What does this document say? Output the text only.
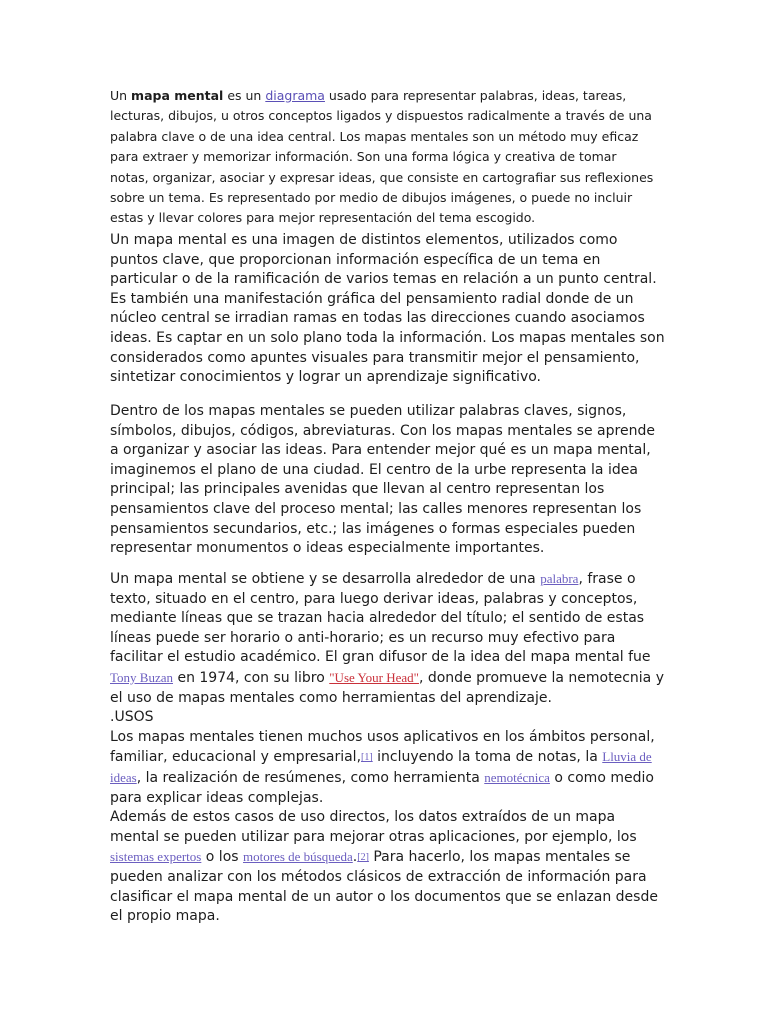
Un mapa mental es un diagrama usado para representar palabras, ideas, tareas, lecturas, dibujos, u otros conceptos ligados y dispuestos radicalmente a través de una palabra clave o de una idea central. Los mapas mentales son un método muy eficaz para extraer y memorizar información. Son una forma lógica y creativa de tomar notas, organizar, asociar y expresar ideas, que consiste en cartografiar sus reflexiones sobre un tema. Es representado por medio de dibujos imágenes, o puede no incluir estas y llevar colores para mejor representación del tema escogido.

Un mapa mental es una imagen de distintos elementos, utilizados como puntos clave, que proporcionan información específica de un tema en particular o de la ramificación de varios temas en relación a un punto central. Es también una manifestación gráfica del pensamiento radial donde de un núcleo central se irradian ramas en todas las direcciones cuando asociamos ideas. Es captar en un solo plano toda la información. Los mapas mentales son considerados como apuntes visuales para transmitir mejor el pensamiento, sintetizar conocimientos y lograr un aprendizaje significativo.

Dentro de los mapas mentales se pueden utilizar palabras claves, signos, símbolos, dibujos, códigos, abreviaturas. Con los mapas mentales se aprende a organizar y asociar las ideas. Para entender mejor qué es un mapa mental, imaginemos el plano de una ciudad. El centro de la urbe representa la idea principal; las principales avenidas que llevan al centro representan los pensamientos clave del proceso mental; las calles menores representan los pensamientos secundarios, etc.; las imágenes o formas especiales pueden representar monumentos o ideas especialmente importantes.

Un mapa mental se obtiene y se desarrolla alrededor de una palabra, frase o texto, situado en el centro, para luego derivar ideas, palabras y conceptos, mediante líneas que se trazan hacia alrededor del título; el sentido de estas líneas puede ser horario o anti-horario; es un recurso muy efectivo para facilitar el estudio académico. El gran difusor de la idea del mapa mental fue Tony Buzan en 1974, con su libro "Use Your Head", donde promueve la nemotecnia y el uso de mapas mentales como herramientas del aprendizaje.
.USOS
Los mapas mentales tienen muchos usos aplicativos en los ámbitos personal, familiar, educacional y empresarial,[1] incluyendo la toma de notas, la Lluvia de ideas, la realización de resúmenes, como herramienta nemotécnica o como medio para explicar ideas complejas.
Además de estos casos de uso directos, los datos extraídos de un mapa mental se pueden utilizar para mejorar otras aplicaciones, por ejemplo, los sistemas expertos o los motores de búsqueda.[2] Para hacerlo, los mapas mentales se pueden analizar con los métodos clásicos de extracción de información para clasificar el mapa mental de un autor o los documentos que se enlazan desde el propio mapa.
